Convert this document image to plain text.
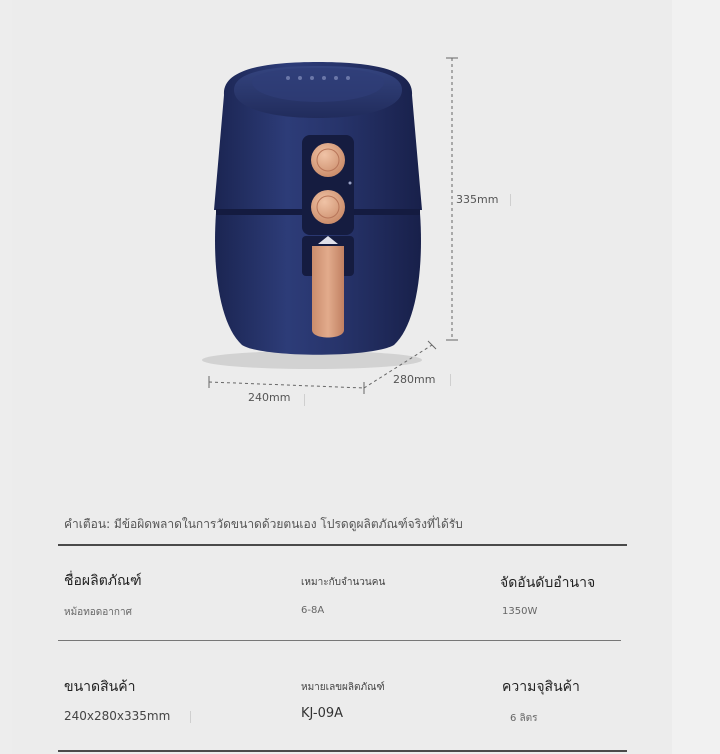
335mm
280mm
240mm
คำเตือน: มีข้อผิดพลาดในการวัดขนาดด้วยตนเอง โปรดดูผลิตภัณฑ์จริงที่ได้รับ
ชื่อผลิตภัณฑ์
หม้อทอดอากาศ
เหมาะกับจำนวนคน
6-8A
จัดอันดับอำนาจ
1350W
ขนาดสินค้า
240x280x335mm
หมายเลขผลิตภัณฑ์
KJ-09A
ความจุสินค้า
6 ลิตร
